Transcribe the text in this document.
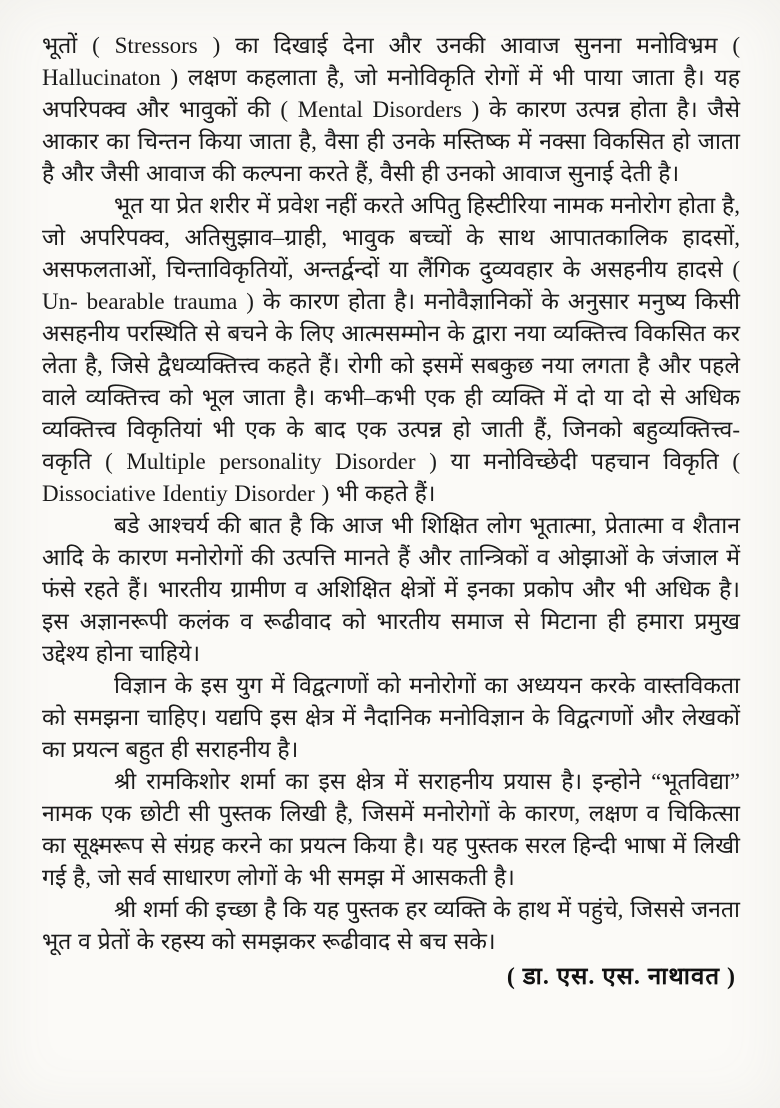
भूतों ( Stressors ) का दिखाई देना और उनकी आवाज सुनना मनोविभ्रम ( Hallucinaton ) लक्षण कहलाता है, जो मनोविकृति रोगों में भी पाया जाता है। यह अपरिपक्व और भावुकों की ( Mental Disorders ) के कारण उत्पन्न होता है। जैसे आकार का चिन्तन किया जाता है, वैसा ही उनके मस्तिष्क में नक्सा विकसित हो जाता है और जैसी आवाज की कल्पना करते हैं, वैसी ही उनको आवाज सुनाई देती है।

भूत या प्रेत शरीर में प्रवेश नहीं करते अपितु हिस्टीरिया नामक मनोरोग होता है, जो अपरिपक्व, अतिसुझाव–ग्राही, भावुक बच्चों के साथ आपातकालिक हादसों, असफलताओं, चिन्ताविकृतियों, अन्तर्द्वन्दों या लैंगिक दुव्यवहार के असहनीय हादसे ( Un- bearable trauma ) के कारण होता है। मनोवैज्ञानिकों के अनुसार मनुष्य किसी असहनीय परस्थिति से बचने के लिए आत्मसम्मोन के द्वारा नया व्यक्तित्त्व विकसित कर लेता है, जिसे द्वैधव्यक्तित्त्व कहते हैं। रोगी को इसमें सबकुछ नया लगता है और पहले वाले व्यक्तित्त्व को भूल जाता है। कभी–कभी एक ही व्यक्ति में दो या दो से अधिक व्यक्तित्त्व विकृतियां भी एक के बाद एक उत्पन्न हो जाती हैं, जिनको बहुव्यक्तित्त्व-वकृति ( Multiple personality Disorder ) या मनोविच्छेदी पहचान विकृति ( Dissociative Identiy Disorder ) भी कहते हैं।

बडे आश्चर्य की बात है कि आज भी शिक्षित लोग भूतात्मा, प्रेतात्मा व शैतान आदि के कारण मनोरोगों की उत्पत्ति मानते हैं और तान्त्रिकों व ओझाओं के जंजाल में फंसे रहते हैं। भारतीय ग्रामीण व अशिक्षित क्षेत्रों में इनका प्रकोप और भी अधिक है। इस अज्ञानरूपी कलंक व रूढीवाद को भारतीय समाज से मिटाना ही हमारा प्रमुख उद्देश्य होना चाहिये।

विज्ञान के इस युग में विद्वत्गणों को मनोरोगों का अध्ययन करके वास्तविकता को समझना चाहिए। यद्यपि इस क्षेत्र में नैदानिक मनोविज्ञान के विद्वत्गणों और लेखकों का प्रयत्न बहुत ही सराहनीय है।

श्री रामकिशोर शर्मा का इस क्षेत्र में सराहनीय प्रयास है। इन्होने “भूतविद्या” नामक एक छोटी सी पुस्तक लिखी है, जिसमें मनोरोगों के कारण, लक्षण व चिकित्सा का सूक्ष्मरूप से संग्रह करने का प्रयत्न किया है। यह पुस्तक सरल हिन्दी भाषा में लिखी गई है, जो सर्व साधारण लोगों के भी समझ में आसकती है।

श्री शर्मा की इच्छा है कि यह पुस्तक हर व्यक्ति के हाथ में पहुंचे, जिससे जनता भूत व प्रेतों के रहस्य को समझकर रूढीवाद से बच सके।

( डा. एस. एस. नाथावत )
